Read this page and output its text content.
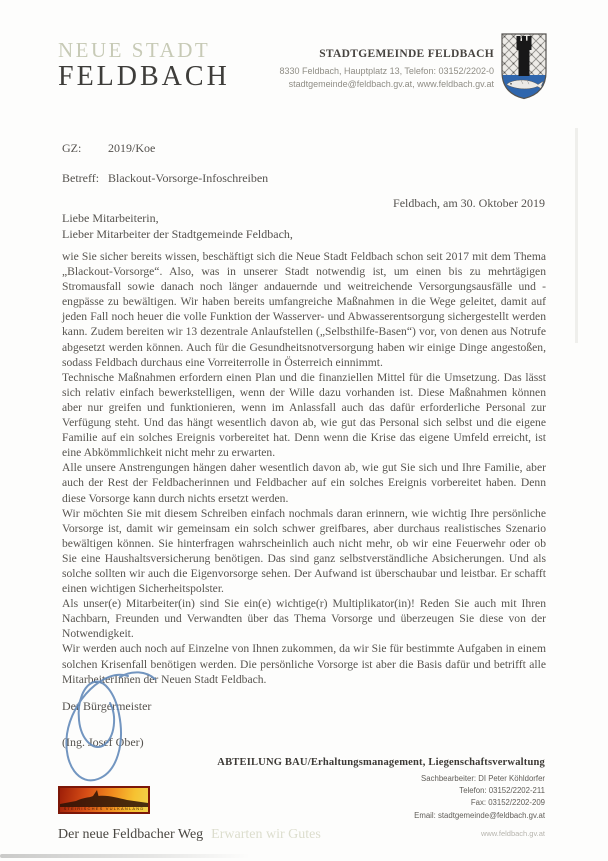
NEUE STADT
FELDBACH
STADTGEMEINDE FELDBACH
8330 Feldbach, Hauptplatz 13, Telefon: 03152/2202-0
stadtgemeinde@feldbach.gv.at, www.feldbach.gv.at
GZ: 2019/Koe
Betreff: Blackout-Vorsorge-Infoschreiben
Feldbach, am 30. Oktober 2019
Liebe Mitarbeiterin,
Lieber Mitarbeiter der Stadtgemeinde Feldbach,

wie Sie sicher bereits wissen, beschäftigt sich die Neue Stadt Feldbach schon seit 2017 mit dem Thema „Blackout-Vorsorge“. Also, was in unserer Stadt notwendig ist, um einen bis zu mehrtägigen Stromausfall sowie danach noch länger andauernde und weitreichende Versorgungsausfälle und -engpässe zu bewältigen. Wir haben bereits umfangreiche Maßnahmen in die Wege geleitet, damit auf jeden Fall noch heuer die volle Funktion der Wasserver- und Abwasserentsorgung sichergestellt werden kann. Zudem bereiten wir 13 dezentrale Anlaufstellen („Selbsthilfe-Basen“) vor, von denen aus Notrufe abgesetzt werden können. Auch für die Gesundheitsnotversorgung haben wir einige Dinge angestoßen, sodass Feldbach durchaus eine Vorreiterrolle in Österreich einnimmt.

Technische Maßnahmen erfordern einen Plan und die finanziellen Mittel für die Umsetzung. Das lässt sich relativ einfach bewerkstelligen, wenn der Wille dazu vorhanden ist. Diese Maßnahmen können aber nur greifen und funktionieren, wenn im Anlassfall auch das dafür erforderliche Personal zur Verfügung steht. Und das hängt wesentlich davon ab, wie gut das Personal sich selbst und die eigene Familie auf ein solches Ereignis vorbereitet hat. Denn wenn die Krise das eigene Umfeld erreicht, ist eine Abkömmlichkeit nicht mehr zu erwarten.

Alle unsere Anstrengungen hängen daher wesentlich davon ab, wie gut Sie sich und Ihre Familie, aber auch der Rest der Feldbacherinnen und Feldbacher auf ein solches Ereignis vorbereitet haben. Denn diese Vorsorge kann durch nichts ersetzt werden.

Wir möchten Sie mit diesem Schreiben einfach nochmals daran erinnern, wie wichtig Ihre persönliche Vorsorge ist, damit wir gemeinsam ein solch schwer greifbares, aber durchaus realistisches Szenario bewältigen können. Sie hinterfragen wahrscheinlich auch nicht mehr, ob wir eine Feuerwehr oder ob Sie eine Haushaltsversicherung benötigen. Das sind ganz selbstverständliche Absicherungen. Und als solche sollten wir auch die Eigenvorsorge sehen. Der Aufwand ist überschaubar und leistbar. Er schafft einen wichtigen Sicherheitspolster.

Als unser(e) Mitarbeiter(in) sind Sie ein(e) wichtige(r) Multiplikator(in)! Reden Sie auch mit Ihren Nachbarn, Freunden und Verwandten über das Thema Vorsorge und überzeugen Sie diese von der Notwendigkeit.

Wir werden auch noch auf Einzelne von Ihnen zukommen, da wir Sie für bestimmte Aufgaben in einem solchen Krisenfall benötigen werden. Die persönliche Vorsorge ist aber die Basis dafür und betrifft alle MitarbeiterInnen der Neuen Stadt Feldbach.

Der Bürgermeister
(Ing. Josef Ober)
STEIRISCHES VULKANLAND
ABTEILUNG BAU/Erhaltungsmanagement, Liegenschaftsverwaltung
Sachbearbeiter: DI Peter Köhldorfer
Telefon: 03152/2202-211
Fax: 03152/2202-209
Email: stadtgemeinde@feldbach.gv.at
www.feldbach.gv.at
Der neue Feldbacher Weg Erwarten wir Gutes
